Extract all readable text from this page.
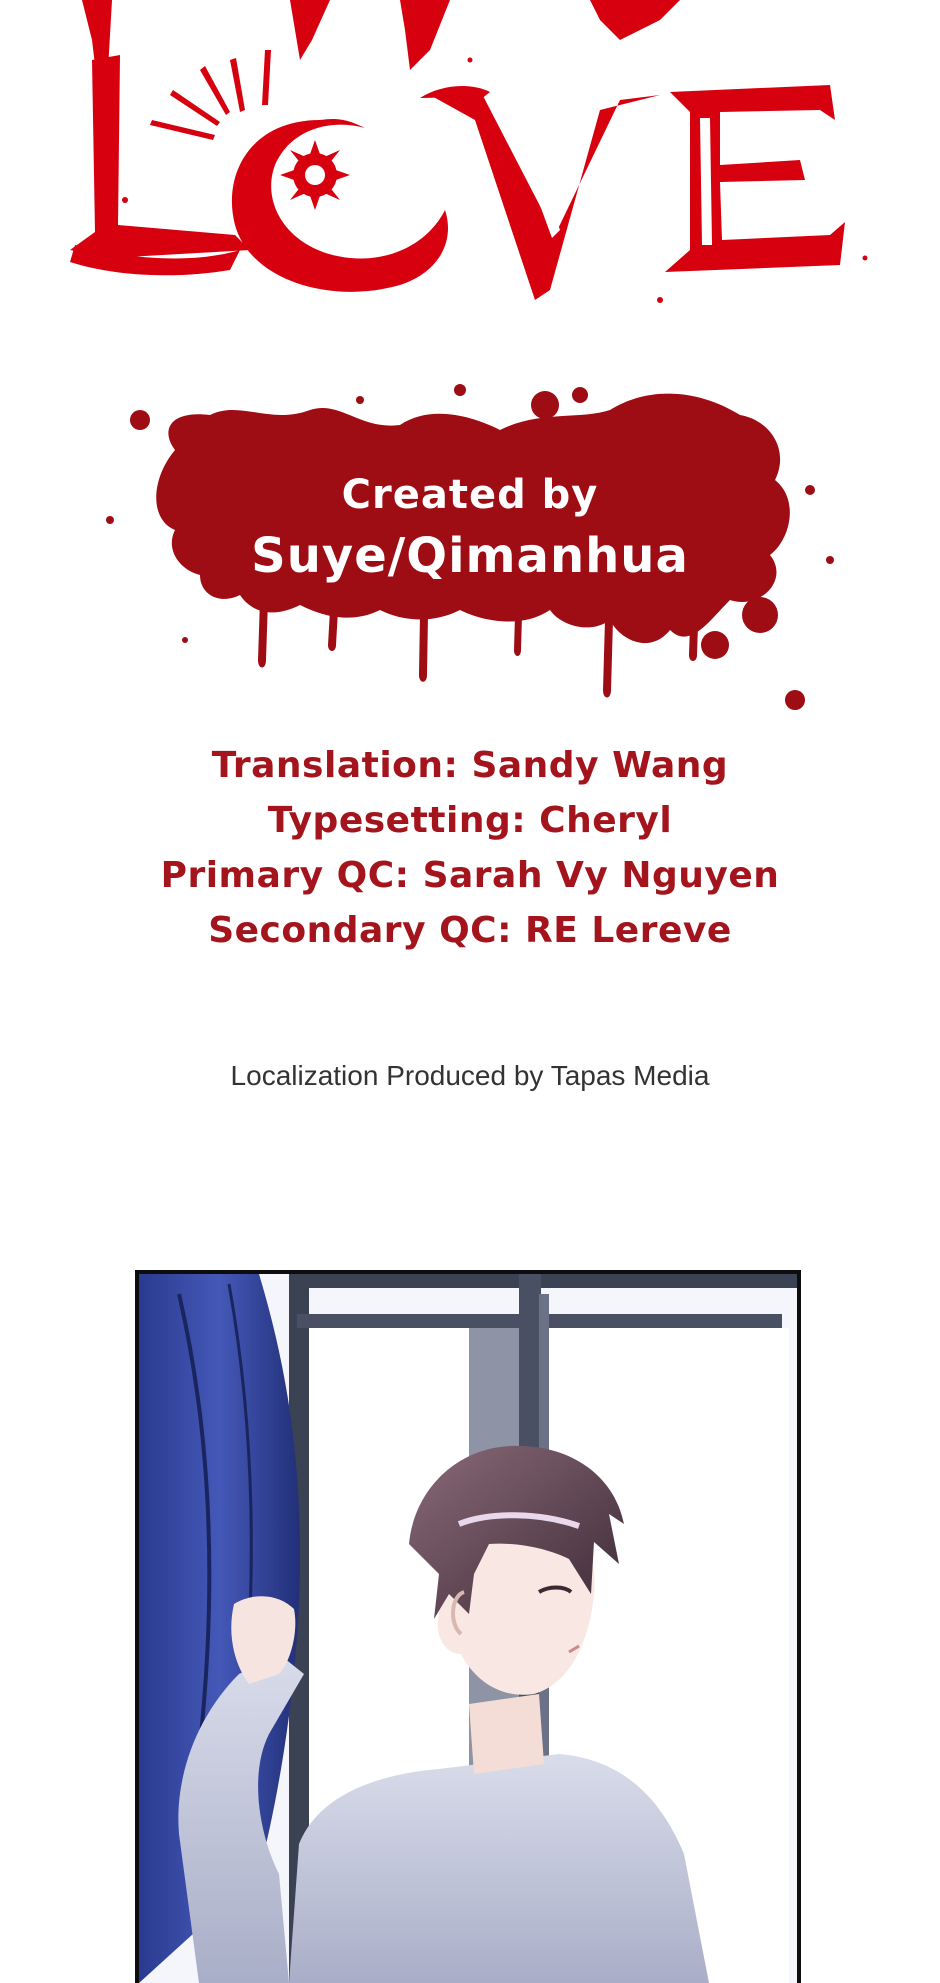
Created by
Suye/Qimanhua
Translation: Sandy Wang
Typesetting: Cheryl
Primary QC: Sarah Vy Nguyen
Secondary QC: RE Lereve
Localization Produced by Tapas Media
